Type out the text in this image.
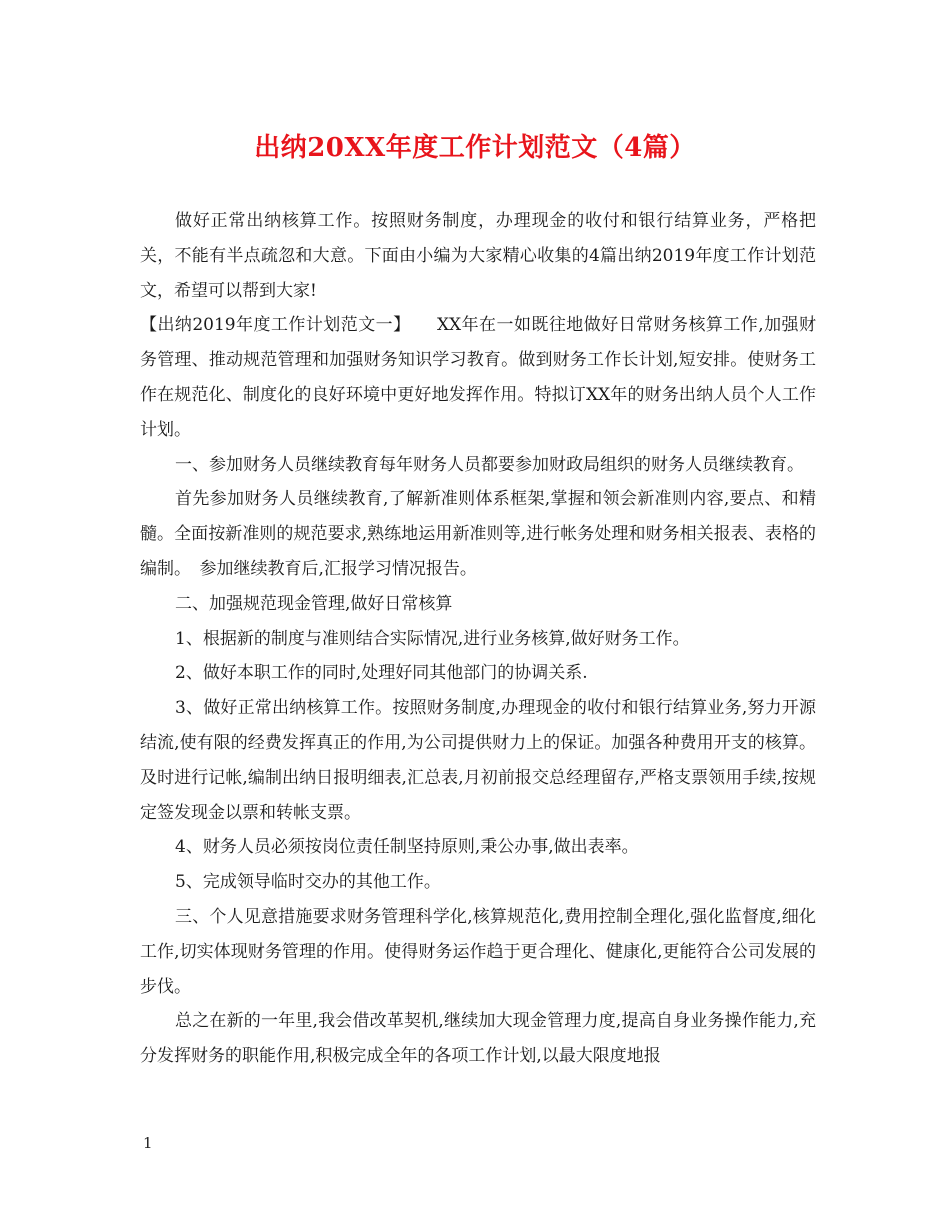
出纳20XX年度工作计划范文（4篇）

做好正常出纳核算工作。按照财务制度，办理现金的收付和银行结算业务，严格把关，不能有半点疏忽和大意。下面由小编为大家精心收集的4篇出纳2019年度工作计划范文，希望可以帮到大家!

【出纳2019年度工作计划范文一】　　XX年在一如既往地做好日常财务核算工作,加强财务管理、推动规范管理和加强财务知识学习教育。做到财务工作长计划,短安排。使财务工作在规范化、制度化的良好环境中更好地发挥作用。特拟订XX年的财务出纳人员个人工作计划。

一、参加财务人员继续教育每年财务人员都要参加财政局组织的财务人员继续教育。

首先参加财务人员继续教育,了解新准则体系框架,掌握和领会新准则内容,要点、和精髓。全面按新准则的规范要求,熟练地运用新准则等,进行帐务处理和财务相关报表、表格的编制。　参加继续教育后,汇报学习情况报告。

二、加强规范现金管理,做好日常核算

1、根据新的制度与准则结合实际情况,进行业务核算,做好财务工作。

2、做好本职工作的同时,处理好同其他部门的协调关系.

3、做好正常出纳核算工作。按照财务制度,办理现金的收付和银行结算业务,努力开源结流,使有限的经费发挥真正的作用,为公司提供财力上的保证。加强各种费用开支的核算。及时进行记帐,编制出纳日报明细表,汇总表,月初前报交总经理留存,严格支票领用手续,按规定签发现金以票和转帐支票。

4、财务人员必须按岗位责任制坚持原则,秉公办事,做出表率。

5、完成领导临时交办的其他工作。

三、个人见意措施要求财务管理科学化,核算规范化,费用控制全理化,强化监督度,细化工作,切实体现财务管理的作用。使得财务运作趋于更合理化、健康化,更能符合公司发展的步伐。

总之在新的一年里,我会借改革契机,继续加大现金管理力度,提高自身业务操作能力,充分发挥财务的职能作用,积极完成全年的各项工作计划,以最大限度地报

1
